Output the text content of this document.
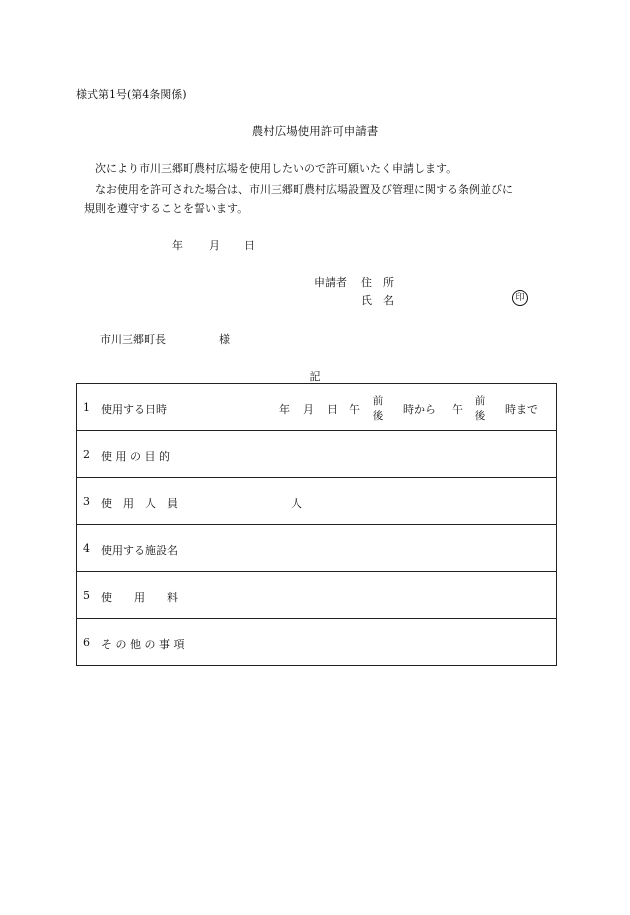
様式第1号(第4条関係)
農村広場使用許可申請書
次により市川三郷町農村広場を使用したいので許可願いたく申請します。
なお使用を許可された場合は、市川三郷町農村広場設置及び管理に関する条例並びに
規則を遵守することを誓います。
年 月 日
申請者 住 所
氏 名	印
市川三郷町長	様
記
1 使用する日時	年 月 日 午
前
後 時から 午
前
後 時まで

2 使 用 の 目 的

3 使　用　人　員	人

4 使用する施設名

5 使　　用　　料

6 そ の 他 の 事 項
